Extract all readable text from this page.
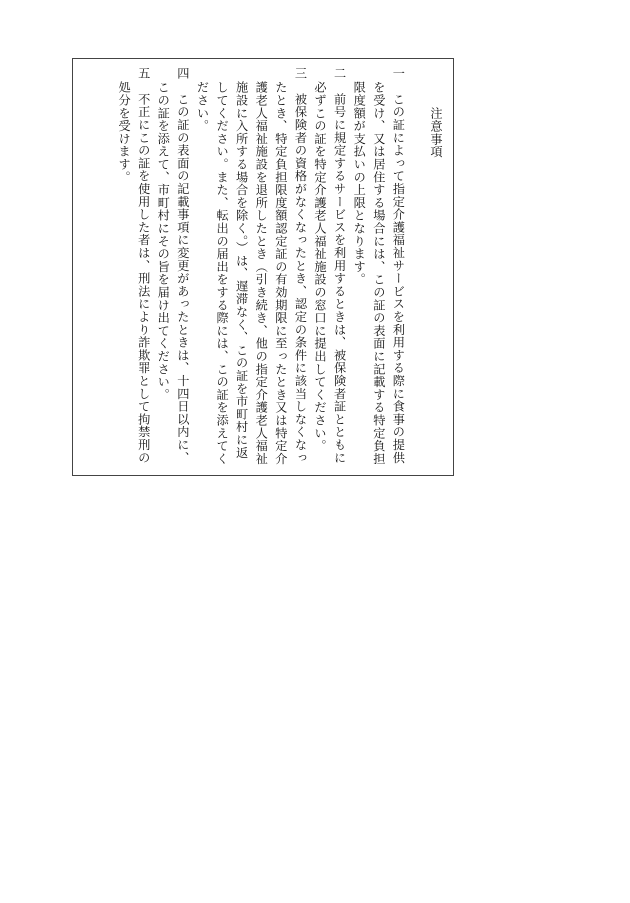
注意事項

一　この証によって指定介護福祉サービスを利用する際に食事の提供を受け、又は居住する場合には、この証の表面に記載する特定負担限度額が支払いの上限となります。

二　前号に規定するサービスを利用するときは、被保険者証とともに必ずこの証を特定介護老人福祉施設の窓口に提出してください。

三　被保険者の資格がなくなったとき、認定の条件に該当しなくなったとき、特定負担限度額認定証の有効期限に至ったとき又は特定介護老人福祉施設を退所したとき（引き続き、他の指定介護老人福祉施設に入所する場合を除く。）は、遅滞なく、この証を市町村に返してください。また、転出の届出をする際には、この証を添えてください。

四　この証の表面の記載事項に変更があったときは、十四日以内に、この証を添えて、市町村にその旨を届け出てください。

五　不正にこの証を使用した者は、刑法により詐欺罪として拘禁刑の処分を受けます。
